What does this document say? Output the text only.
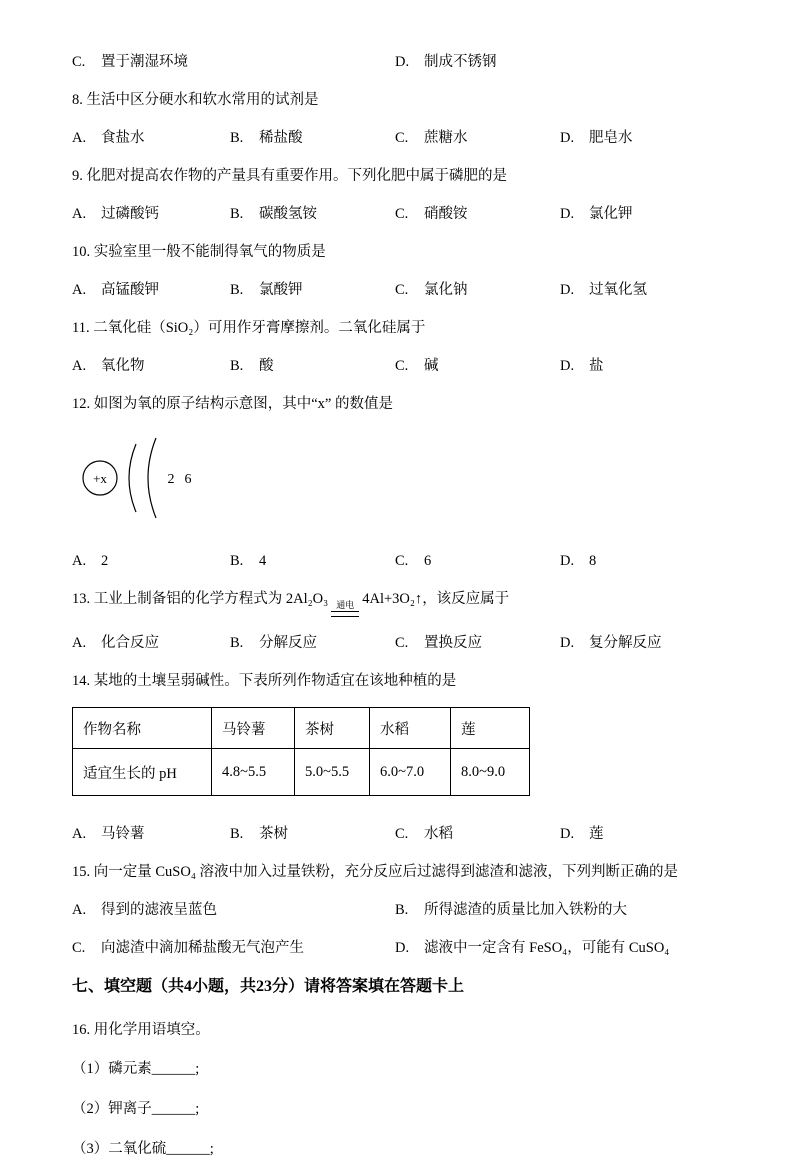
C. 置于潮湿环境	D. 制成不锈钢
8. 生活中区分硬水和软水常用的试剂是
A. 食盐水	B. 稀盐酸	C. 蔗糖水	D. 肥皂水
9. 化肥对提高农作物的产量具有重要作用。下列化肥中属于磷肥的是
A. 过磷酸钙	B. 碳酸氢铵	C. 硝酸铵	D. 氯化钾
10. 实验室里一般不能制得氧气的物质是
A. 高锰酸钾	B. 氯酸钾	C. 氯化钠	D. 过氧化氢
11. 二氧化硅（SiO₂）可用作牙膏摩擦剂。二氧化硅属于
A. 氧化物	B. 酸	C. 碱	D. 盐
12. 如图为氧的原子结构示意图，其中“x” 的数值是
+x	2 6
A. 2	B. 4	C. 6	D. 8
13. 工业上制备铝的化学方程式为 2Al₂O₃ 通电 4Al+3O₂↑，该反应属于
A. 化合反应	B. 分解反应	C. 置换反应	D. 复分解反应
14. 某地的土壤呈弱碱性。下表所列作物适宜在该地种植的是
作物名称	马铃薯	茶树	水稻	莲
适宜生长的 pH	4.8~5.5	5.0~5.5	6.0~7.0	8.0~9.0
A. 马铃薯	B. 茶树	C. 水稻	D. 莲
15. 向一定量 CuSO₄ 溶液中加入过量铁粉，充分反应后过滤得到滤渣和滤液，下列判断正确的是
A. 得到的滤液呈蓝色	B. 所得滤渣的质量比加入铁粉的大
C. 向滤渣中滴加稀盐酸无气泡产生	D. 滤液中一定含有 FeSO₄，可能有 CuSO₄
七、填空题（共4小题，共23分）请将答案填在答题卡上
16. 用化学用语填空。
（1）磷元素______;
（2）钾离子______;
（3）二氧化硫______;
